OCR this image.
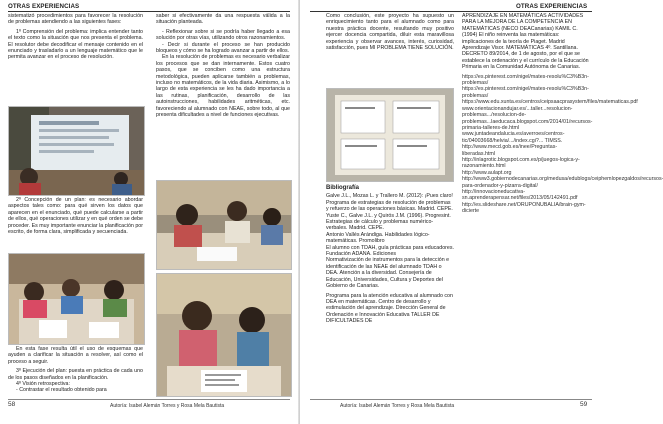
OTRAS EXPERIENCIAS

sistematizó procedimientos para favorecer la resolución de problemas atendiendo a las siguientes fases:

1º Comprensión del problema: implica entender tanto el texto como la situación que nos presenta el problema. El resolutor debe decodificar el mensaje contenido en el enunciado y trasladarlo a un lenguaje matemático que le permita avanzar en el proceso de resolución.

2º Concepción de un plan: es necesario abordar aspectos tales como: para qué sirven los datos que aparecen en el enunciado, qué puede calcularse a partir de ellos, qué operaciones utilizar y en qué orden se debe proceder. Es muy importante enunciar la planificación por escrito, de forma clara, simplificada y secuenciada.

En esta fase resulta útil el uso de esquemas que ayuden a clarificar la situación a resolver, así como el proceso a seguir.

3º Ejecución del plan: puesta en práctica de cada uno de los pasos diseñados en la planificación.

4º Visión retrospectiva:

- Contrastar el resultado obtenido para

saber si efectivamente da una respuesta válida a la situación planteada.

- Reflexionar sobre si se podría haber llegado a esa solución por otras vías, utilizando otros razonamientos.

- Decir si durante el proceso se han producido bloqueos y cómo se ha logrado avanzar a partir de ellos.

En la resolución de problemas es necesario verbalizar los procesos que se dan internamente. Estos cuatro pasos, que se conciben como una estructura metodológica, pueden aplicarse también a problemas, incluso no matemáticos, de la vida diaria. Asimismo, a lo largo de esta experiencia se les ha dado importancia a las rutinas, planificación, desarrollo de las autoinstrucciones, habilidades aritméticas, etc. favoreciendo al alumnado con NEAE, sobre todo, al que presenta dificultades a nivel de funciones ejecutivas.

58	Autoría: Isabel Alemán Torres y Rosa Mela Bautista
OTRAS EXPERIENCIAS

Como conclusión, este proyecto ha supuesto un enriquecimiento tanto para el alumnado como para nuestra práctica docente, resultando muy positivo ejercer docencia compartida, diluir esta maravillosa experiencia y observar avances, interés, curiosidad, satisfacción, pues MI PROBLEMA TIENE SOLUCIÓN.

Bibliografía

Galve J.L., Mozas L. y Trallero M. (2012): ¡Pues claro! Programa de estrategias de resolución de problemas y refuerzo de las operaciones básicas. Madrid. CEPE.

Yuste C., Galve J.L. y Quirós J.M. (1996). Progresint. Estrategias de cálculo y problemas numérico-verbales. Madrid. CEPE.

Antonio Vallés Arándiga. Habilidades lógico-matemáticas. Promolibro

El alumno con TDAH, guía prácticas para educadores. Fundación ADANA. Ediciones

Normativización de instrumentos para la detección e identificación de las NEAE del alumnado TDAH o DEA. Atención a la diversidad. Consejería de Educación, Universidades, Cultura y Deportes del Gobierno de Canarias.

Programa para la atención educativa al alumnado con DEA en matemáticas. Centro de desarrollo y estimulación del aprendizaje. Dirección General de Ordenación e Innovación Educativa TALLER DE DIFICULTADES DE

APRENDIZAJE EN MATEMÁTICAS ACTIVIDADES PARA LA MEJORA DE LA COMPETENCIA EN MATEMÁTICAS (NECO DEACanarias) KAMIL C. (1994) El niño reinventa las matemáticas: implicaciones de la teoría de Piaget. Madrid Aprendizaje Visor. MATEMÁTICAS 4º. Santillana. DECRETO 89/2014, de 1 de agosto, por el que se establece la ordenación y el currículo de la Educación Primaria en la Comunidad Autónoma de Canarias.

https://es.pinterest.com/nigel/mates-resolu%C3%B3n-problemas/

https://es.pinterest.com/nigel/mates-resolu%C3%B3n-problemas/

https://www.edu.xunta.es/centros/ceipsaacprasystem/files/matematicas.pdf

www.orientacionandujar.es/...taller...resolucion-problemas.../resolucion-de-problemas...laeducaca.blogspot.com/2014/01/recursos-primaria-talleres-de.html

www.juntadeandalucia.es/averroes/centros-tic/04003668/helvia/.../index.cgi?... TIMSS.

http://www.mecd.gob.es/inee/Preguntas-liberadas.html

http://inlagrotic.blogspot.com.es/p/juegos-logica-y-razonamiento.html

http://www.aulapt.org

http://www3.gobiernodecanarias.org/medusa/edublogs/ceiphemlopezgaldos/recursos-para-ordenador-y-pizarra-digital/

http://innovacioneducativa-sn.aprenderapensar.net/files/2013/05/142491.pdf

http://es.slideshare.net/ORUPONUBALIA/brain-gym-dicierte

Autoría: Isabel Alemán Torres y Rosa Mela Bautista	59
